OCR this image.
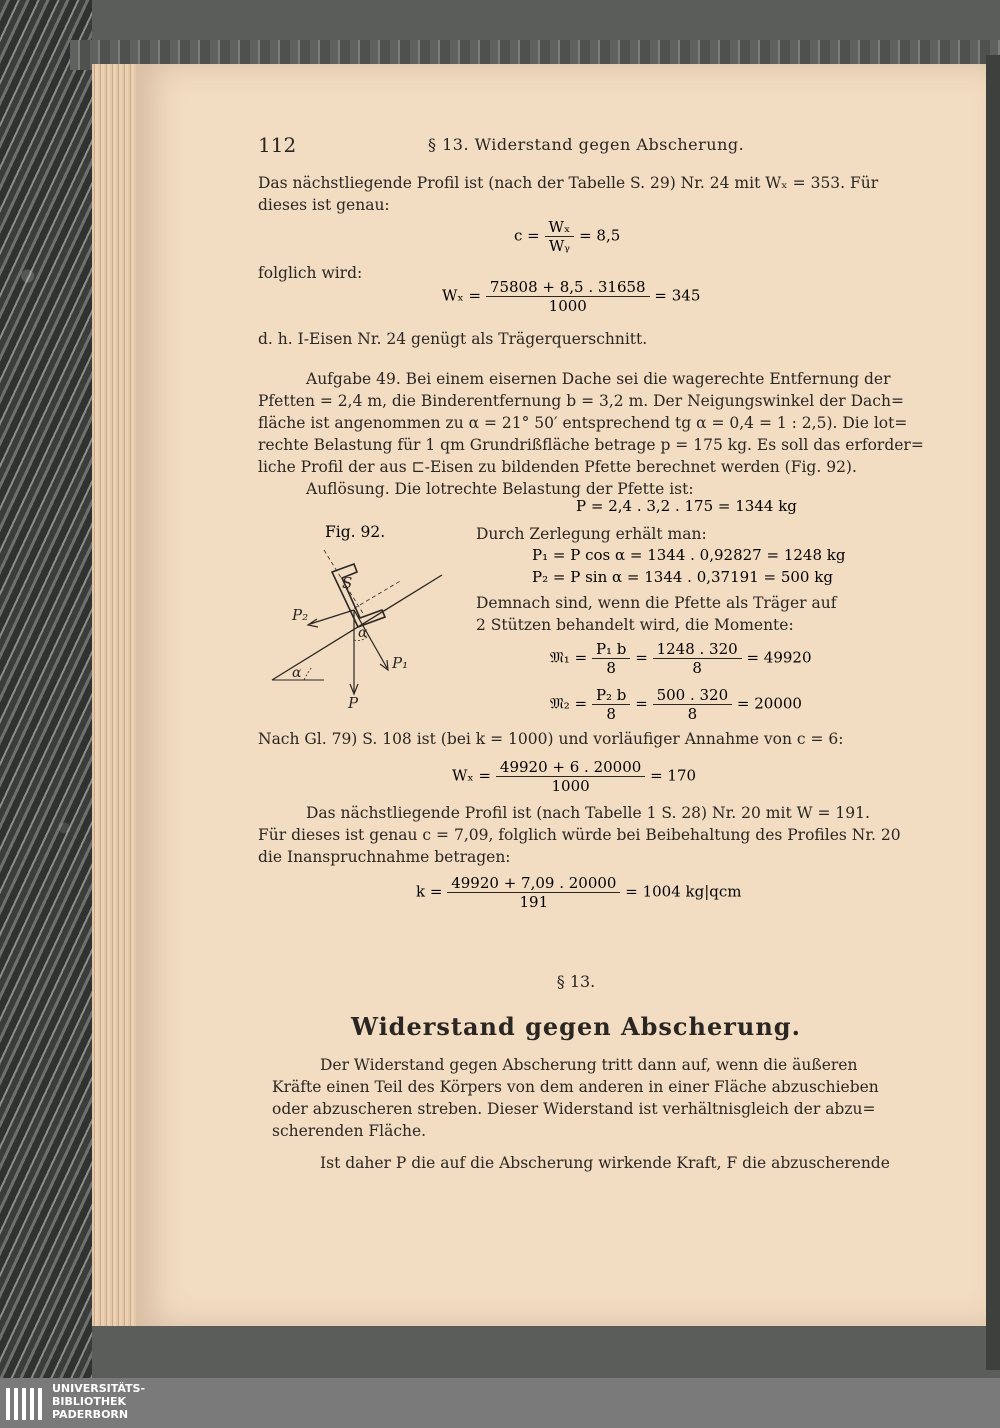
112	§ 13. Widerstand gegen Abscherung.
Das nächstliegende Profil ist (nach der Tabelle S. 29) Nr. 24 mit Wₓ = 353. Für
dieses ist genau:
$c = \frac{\text{Wₓ}}{\text{Wᵧ}} = 8,5$
folglich wird:
$W_x = \frac{75808 + 8,5 . 31658}{1000} = 345$
d. h. I-Eisen Nr. 24 genügt als Trägerquerschnitt.
Aufgabe 49. Bei einem eisernen Dache sei die wagerechte Entfernung der
Pfetten = 2,4 m, die Binderentfernung b = 3,2 m. Der Neigungswinkel der Dach=
fläche ist angenommen zu α = 21° 50′ entsprechend tg α = 0,4 = 1 : 2,5). Die lot=
rechte Belastung für 1 qm Grundrißfläche betrage p = 175 kg. Es soll das erforder=
liche Profil der aus ⊏-Eisen zu bildenden Pfette berechnet werden (Fig. 92).
Auflösung. Die lotrechte Belastung der Pfette ist:
P = 2,4 . 3,2 . 175 = 1344 kg
Fig. 92.	Durch Zerlegung erhält man:
P₁ = P cos α = 1344 . 0,92827 = 1248 kg
P₂ = P sin α = 1344 . 0,37191 = 500 kg
Demnach sind, wenn die Pfette als Träger auf
2 Stützen behandelt wird, die Momente:
𝔐₁ = $\frac{\text{P₁ b}}{8} = \frac{1248 . 320}{8} = 49920$
𝔐₂ = $\frac{\text{P₂ b}}{8} = \frac{500 . 320}{8} = 20000$
S
P
P₁
P₂
α
α
Nach Gl. 79) S. 108 ist (bei k = 1000) und vorläufiger Annahme von c = 6:
$W_x = \frac{49920 + 6 . 20000}{1000} = 170$
Das nächstliegende Profil ist (nach Tabelle 1 S. 28) Nr. 20 mit W = 191.
Für dieses ist genau c = 7,09, folglich würde bei Beibehaltung des Profiles Nr. 20
die Inanspruchnahme betragen:
$k = \frac{49920 + 7,09 . 20000}{191} = 1004$ kg|qcm
§ 13.
Widerstand gegen Abscherung.
Der Widerstand gegen Abscherung tritt dann auf, wenn die äußeren
Kräfte einen Teil des Körpers von dem anderen in einer Fläche abzuschieben
oder abzuscheren streben. Dieser Widerstand ist verhältnisgleich der abzu=
scherenden Fläche.
Ist daher P die auf die Abscherung wirkende Kraft, F die abzuscherende
UNIVERSITÄTS-
BIBLIOTHEK
PADERBORN
